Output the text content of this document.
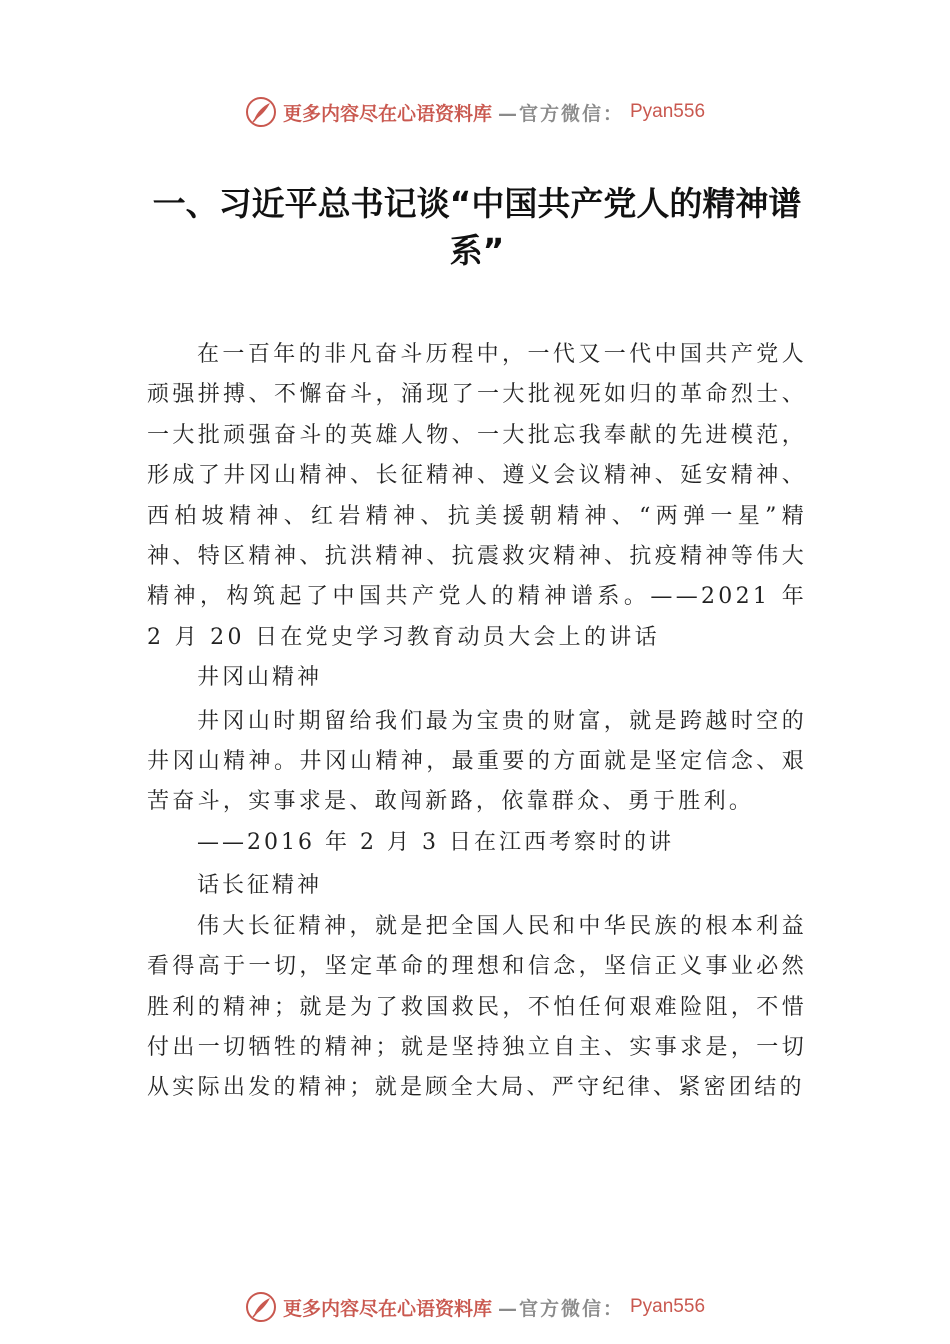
更多内容尽在心语资料库 —官方微信： Pyan556
一、习近平总书记谈“中国共产党人的精神谱系”

在一百年的非凡奋斗历程中，一代又一代中国共产党人顽强拼搏、不懈奋斗，涌现了一大批视死如归的革命烈士、一大批顽强奋斗的英雄人物、一大批忘我奉献的先进模范，形成了井冈山精神、长征精神、遵义会议精神、延安精神、西柏坡精神、红岩精神、抗美援朝精神、“两弹一星”精神、特区精神、抗洪精神、抗震救灾精神、抗疫精神等伟大精神，构筑起了中国共产党人的精神谱系。——2021 年 2 月 20 日在党史学习教育动员大会上的讲话

井冈山精神

井冈山时期留给我们最为宝贵的财富，就是跨越时空的井冈山精神。井冈山精神，最重要的方面就是坚定信念、艰苦奋斗，实事求是、敢闯新路，依靠群众、勇于胜利。

——2016 年 2 月 3 日在江西考察时的讲

话长征精神

伟大长征精神，就是把全国人民和中华民族的根本利益看得高于一切，坚定革命的理想和信念，坚信正义事业必然胜利的精神；就是为了救国救民，不怕任何艰难险阻，不惜付出一切牺牲的精神；就是坚持独立自主、实事求是，一切从实际出发的精神；就是顾全大局、严守纪律、紧密团结的

更多内容尽在心语资料库 —官方微信： Pyan556
